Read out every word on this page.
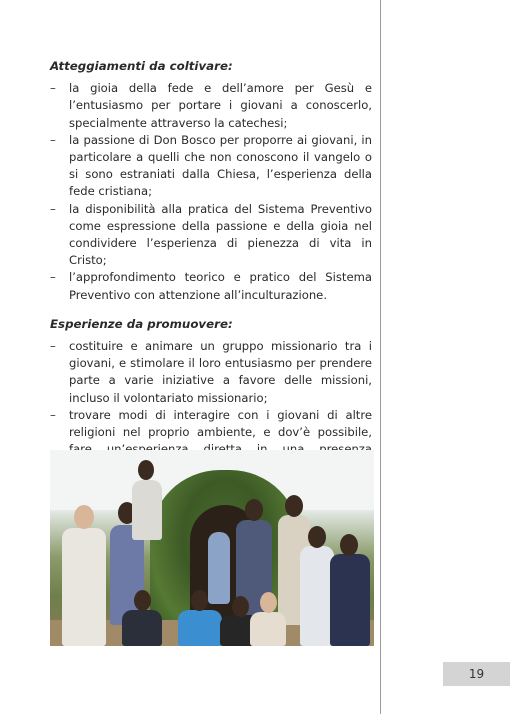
Atteggiamenti da coltivare:

– la gioia della fede e dell’amore per Gesù e l’entusiasmo per portare i giovani a conoscerlo, specialmente attraverso la catechesi;
– la passione di Don Bosco per proporre ai giovani, in particolare a quelli che non conoscono il vangelo o si sono estraniati dalla Chiesa, l’esperienza della fede cristiana;
– la disponibilità alla pratica del Sistema Preventivo come espressione della passione e della gioia nel condividere l’esperienza di pienezza di vita in Cristo;
– l’approfondimento teorico e pratico del Sistema Preventivo con attenzione all’inculturazione.

Esperienze da promuovere:

– costituire e animare un gruppo missionario tra i giovani, e stimolare il loro entusiasmo per prendere parte a varie iniziative a favore delle missioni, incluso il volontariato missionario;
– trovare modi di interagire con i giovani di altre religioni nel proprio ambiente, e dov’è possibile,
19
